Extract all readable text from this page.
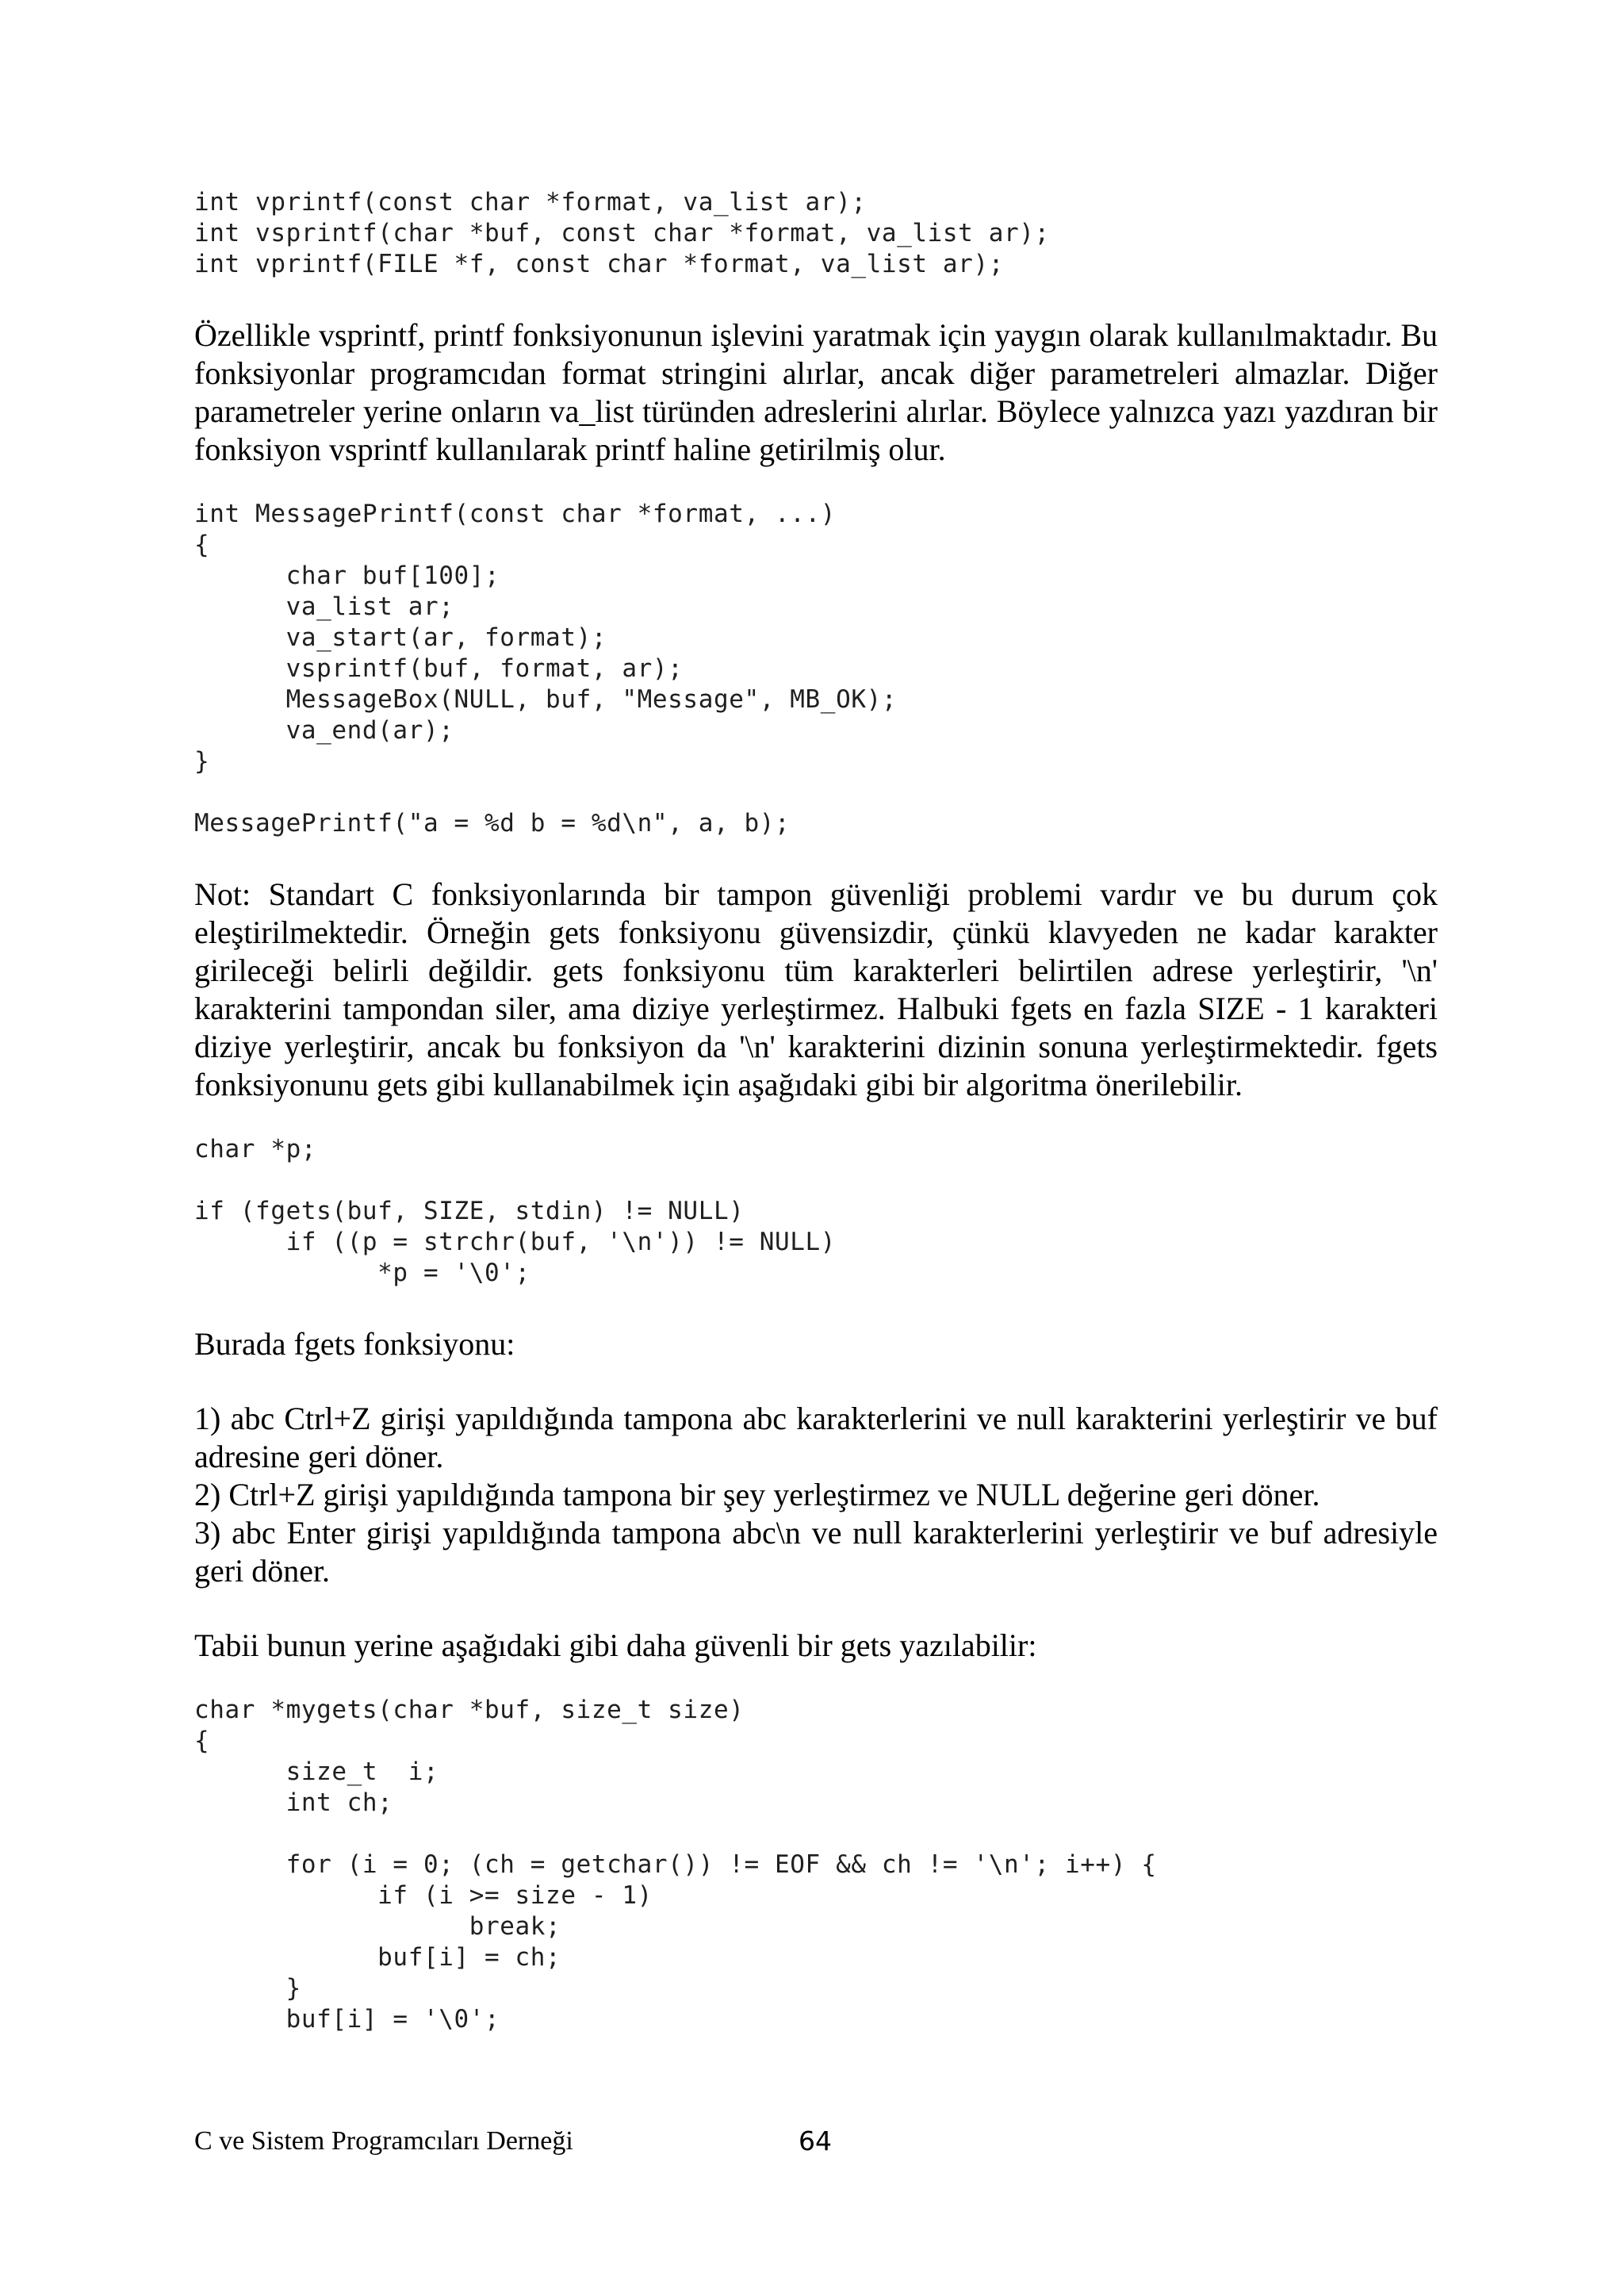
int vprintf(const char *format, va_list ar);
int vsprintf(char *buf, const char *format, va_list ar);
int vprintf(FILE *f, const char *format, va_list ar);

Özellikle vsprintf, printf fonksiyonunun işlevini yaratmak için yaygın olarak kullanılmaktadır. Bu fonksiyonlar programcıdan format stringini alırlar, ancak diğer parametreleri almazlar. Diğer parametreler yerine onların va_list türünden adreslerini alırlar. Böylece yalnızca yazı yazdıran bir fonksiyon vsprintf kullanılarak printf haline getirilmiş olur.

int MessagePrintf(const char *format, ...)
{
char buf[100];
va_list ar;
va_start(ar, format);
vsprintf(buf, format, ar);
MessageBox(NULL, buf, "Message", MB_OK);
va_end(ar);
}
MessagePrintf("a = %d b = %d\n", a, b);

Not: Standart C fonksiyonlarında bir tampon güvenliği problemi vardır ve bu durum çok eleştirilmektedir. Örneğin gets fonksiyonu güvensizdir, çünkü klavyeden ne kadar karakter girileceği belirli değildir. gets fonksiyonu tüm karakterleri belirtilen adrese yerleştirir, '\n' karakterini tampondan siler, ama diziye yerleştirmez. Halbuki fgets en fazla SIZE - 1 karakteri diziye yerleştirir, ancak bu fonksiyon da '\n' karakterini dizinin sonuna yerleştirmektedir. fgets fonksiyonunu gets gibi kullanabilmek için aşağıdaki gibi bir algoritma önerilebilir.

char *p;
if (fgets(buf, SIZE, stdin) != NULL)
if ((p = strchr(buf, '\n')) != NULL)
*p = '\0';

Burada fgets fonksiyonu:

1) abc Ctrl+Z girişi yapıldığında tampona abc karakterlerini ve null karakterini yerleştirir ve buf adresine geri döner.

2) Ctrl+Z girişi yapıldığında tampona bir şey yerleştirmez ve NULL değerine geri döner.

3) abc Enter girişi yapıldığında tampona abc\n ve null karakterlerini yerleştirir ve buf adresiyle geri döner.

Tabii bunun yerine aşağıdaki gibi daha güvenli bir gets yazılabilir:

char *mygets(char *buf, size_t size)
{
size_t  i;
int ch;

for (i = 0; (ch = getchar()) != EOF && ch != '\n'; i++) {
if (i >= size - 1)
break;
buf[i] = ch;
}
buf[i] = '\0';
C ve Sistem Programcıları Derneği	64
